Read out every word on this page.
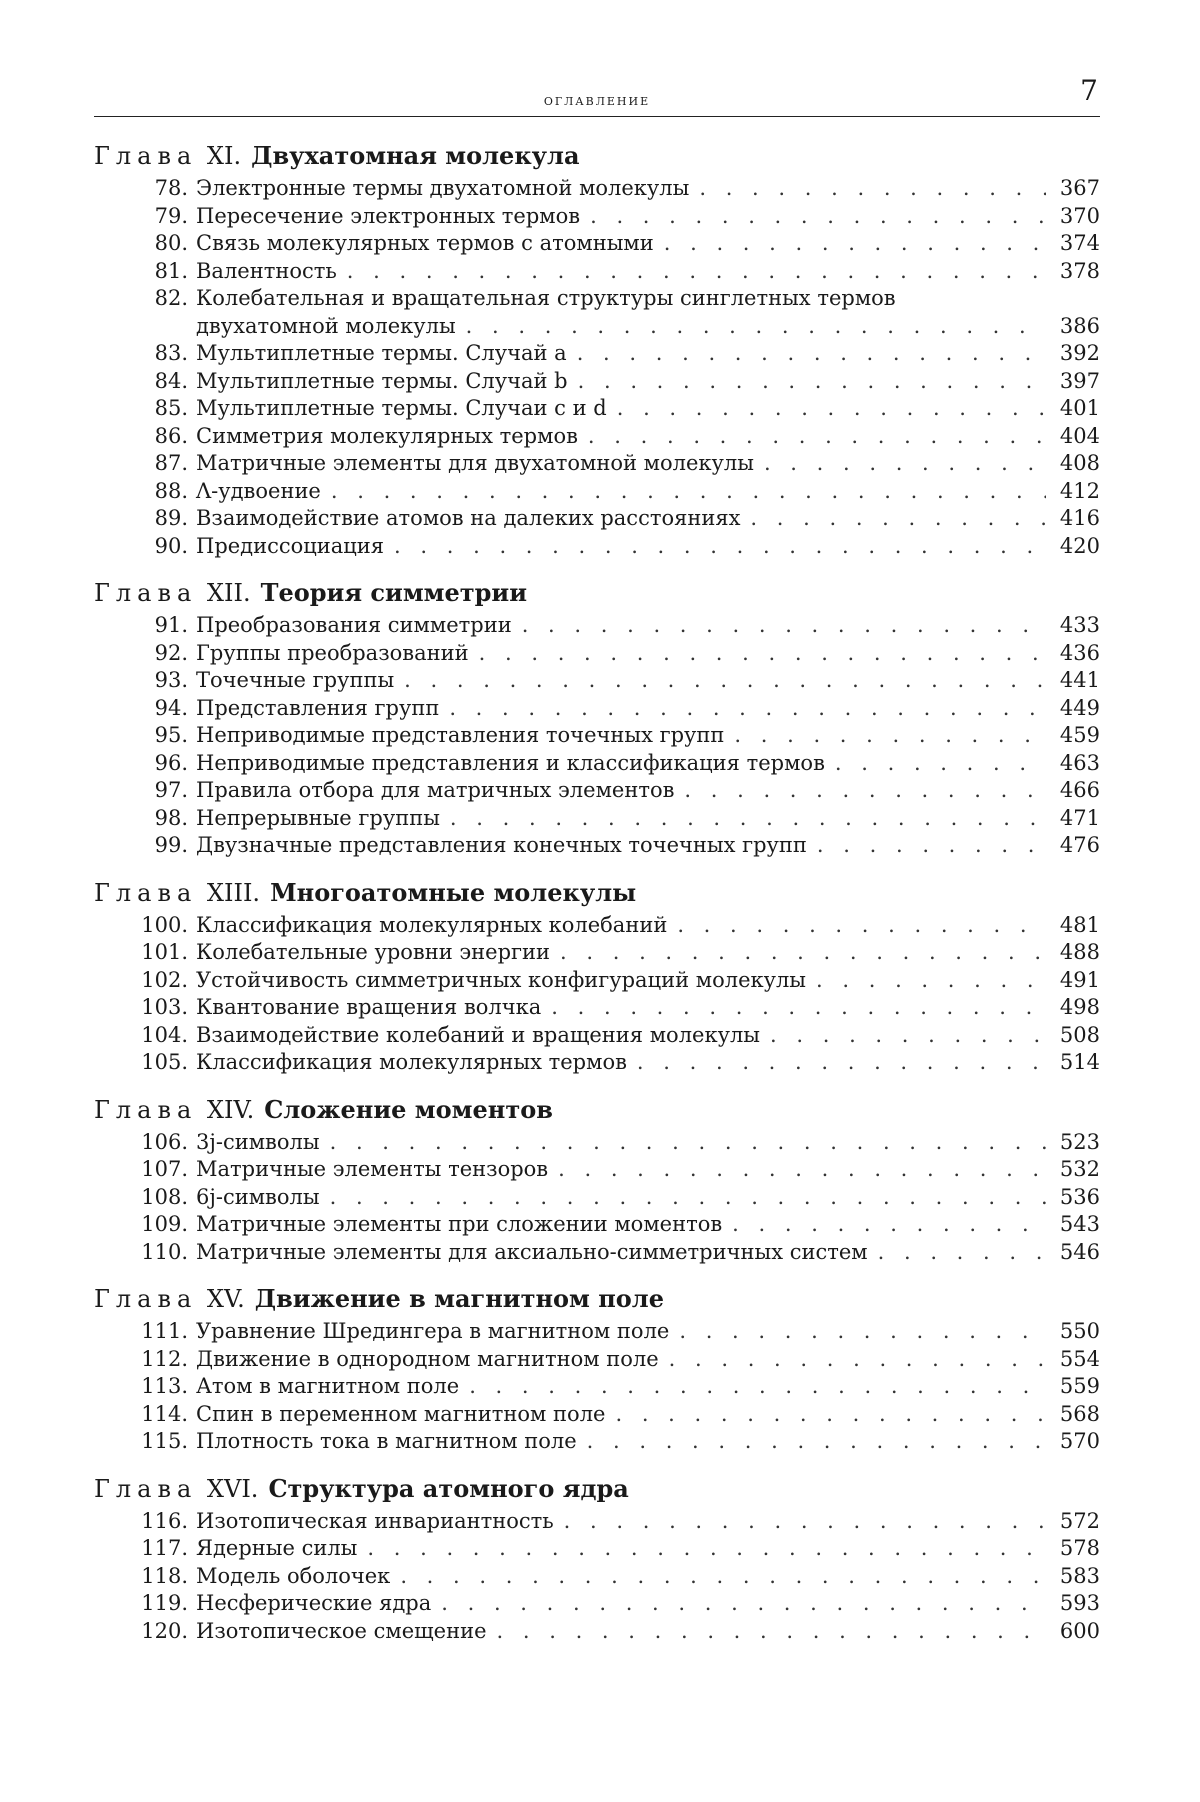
оглавление	7
Глава XI. Двухатомная молекула
78. Электронные термы двухатомной молекулы . . .	367
79. Пересечение электронных термов . . .	370
80. Связь молекулярных термов с атомными . . .	374
81. Валентность . . .	378
82. Колебательная и вращательная структуры синглетных термов
двухатомной молекулы . . .	386
83. Мультиплетные термы. Случай a . . .	392
84. Мультиплетные термы. Случай b . . .	397
85. Мультиплетные термы. Случаи c и d . . .	401
86. Симметрия молекулярных термов . . .	404
87. Матричные элементы для двухатомной молекулы . . .	408
88. Λ-удвоение . . .	412
89. Взаимодействие атомов на далеких расстояниях . . .	416
90. Предиссоциация . . .	420
Глава XII. Теория симметрии
91. Преобразования симметрии . . .	433
92. Группы преобразований . . .	436
93. Точечные группы . . .	441
94. Представления групп . . .	449
95. Неприводимые представления точечных групп . . .	459
96. Неприводимые представления и классификация термов . . .	463
97. Правила отбора для матричных элементов . . .	466
98. Непрерывные группы . . .	471
99. Двузначные представления конечных точечных групп . . .	476
Глава XIII. Многоатомные молекулы
100. Классификация молекулярных колебаний . . .	481
101. Колебательные уровни энергии . . .	488
102. Устойчивость симметричных конфигураций молекулы . . .	491
103. Квантование вращения волчка . . .	498
104. Взаимодействие колебаний и вращения молекулы . . .	508
105. Классификация молекулярных термов . . .	514
Глава XIV. Сложение моментов
106. 3j-символы . . .	523
107. Матричные элементы тензоров . . .	532
108. 6j-символы . . .	536
109. Матричные элементы при сложении моментов . . .	543
110. Матричные элементы для аксиально-симметричных систем . . .	546
Глава XV. Движение в магнитном поле
111. Уравнение Шредингера в магнитном поле . . .	550
112. Движение в однородном магнитном поле . . .	554
113. Атом в магнитном поле . . .	559
114. Спин в переменном магнитном поле . . .	568
115. Плотность тока в магнитном поле . . .	570
Глава XVI. Структура атомного ядра
116. Изотопическая инвариантность . . .	572
117. Ядерные силы . . .	578
118. Модель оболочек . . .	583
119. Несферические ядра . . .	593
120. Изотопическое смещение . . .	600
